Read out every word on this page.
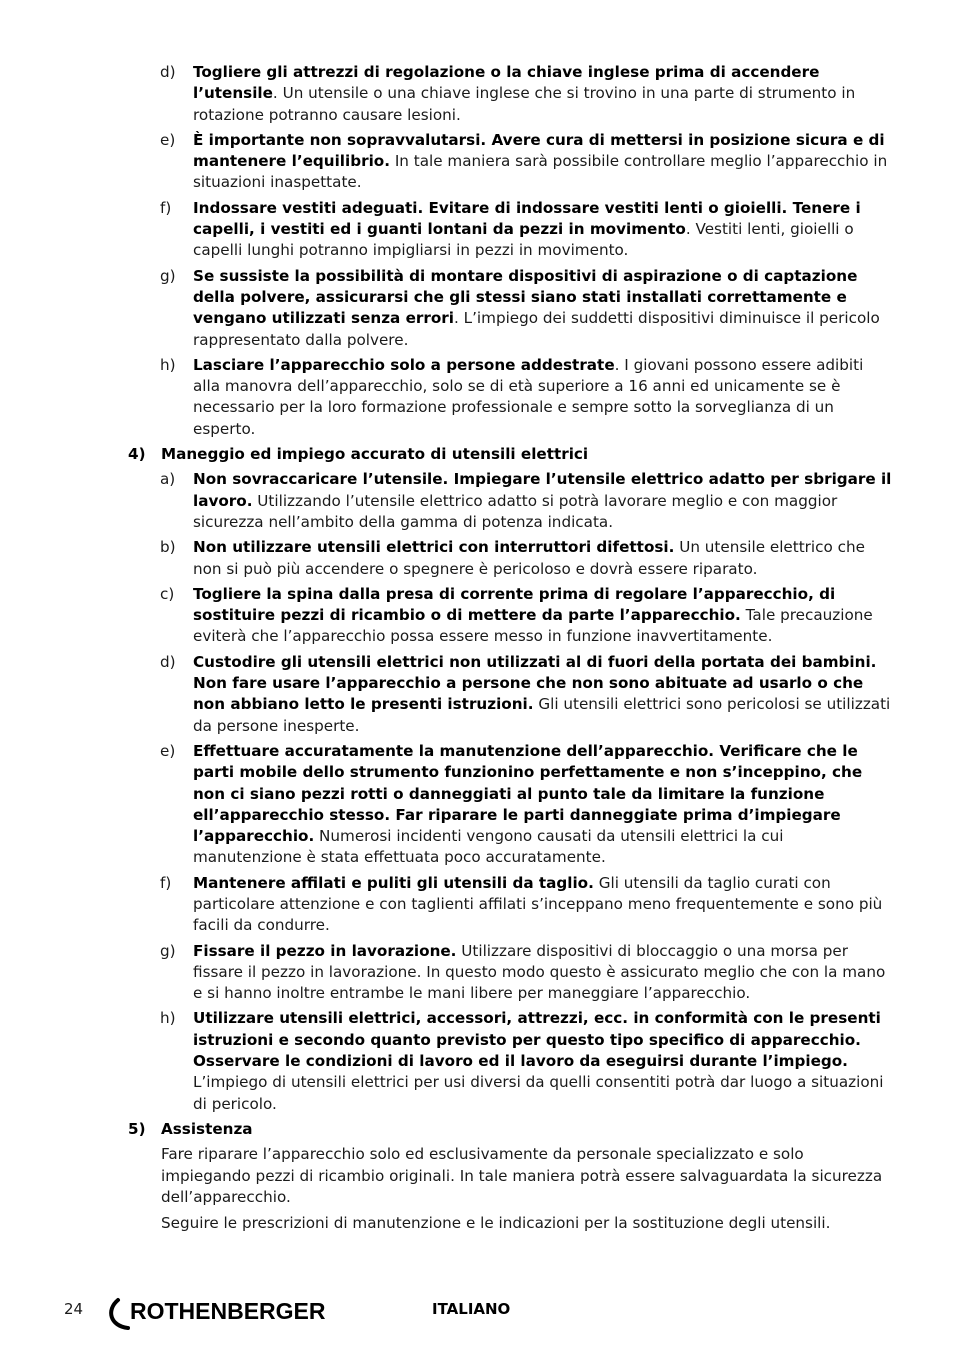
d) Togliere gli attrezzi di regolazione o la chiave inglese prima di accendere l’utensile. Un utensile o una chiave inglese che si trovino in una parte di strumento in rotazione potranno causare lesioni.
e) È importante non sopravvalutarsi. Avere cura di mettersi in posizione sicura e di mantenere l’equilibrio. In tale maniera sarà possibile controllare meglio l’apparecchio in situazioni inaspettate.
f) Indossare vestiti adeguati. Evitare di indossare vestiti lenti o gioielli. Tenere i capelli, i vestiti ed i guanti lontani da pezzi in movimento. Vestiti lenti, gioielli o capelli lunghi potranno impigliarsi in pezzi in movimento.
g) Se sussiste la possibilità di montare dispositivi di aspirazione o di captazione della polvere, assicurarsi che gli stessi siano stati installati correttamente e vengano utilizzati senza errori. L’impiego dei suddetti dispositivi diminuisce il pericolo rappresentato dalla polvere.
h) Lasciare l’apparecchio solo a persone addestrate. I giovani possono essere adibiti alla manovra dell’apparecchio, solo se di età superiore a 16 anni ed unicamente se è necessario per la loro formazione professionale e sempre sotto la sorveglianza di un esperto.
4) Maneggio ed impiego accurato di utensili elettrici
a) Non sovraccaricare l’utensile. Impiegare l’utensile elettrico adatto per sbrigare il lavoro. Utilizzando l’utensile elettrico adatto si potrà lavorare meglio e con maggior sicurezza nell’ambito della gamma di potenza indicata.
b) Non utilizzare utensili elettrici con interruttori difettosi. Un utensile elettrico che non si può più accendere o spegnere è pericoloso e dovrà essere riparato.
c) Togliere la spina dalla presa di corrente prima di regolare l’apparecchio, di sostituire pezzi di ricambio o di mettere da parte l’apparecchio. Tale precauzione eviterà che l’apparecchio possa essere messo in funzione inavvertitamente.
d) Custodire gli utensili elettrici non utilizzati al di fuori della portata dei bambini. Non fare usare l’apparecchio a persone che non sono abituate ad usarlo o che non abbiano letto le presenti istruzioni. Gli utensili elettrici sono pericolosi se utilizzati da persone inesperte.
e) Effettuare accuratamente la manutenzione dell’apparecchio. Verificare che le parti mobile dello strumento funzionino perfettamente e non s’inceppino, che non ci siano pezzi rotti o danneggiati al punto tale da limitare la funzione ell’apparecchio stesso. Far riparare le parti danneggiate prima d’impiegare l’apparecchio. Numerosi incidenti vengono causati da utensili elettrici la cui manutenzione è stata effettuata poco accuratamente.
f) Mantenere affilati e puliti gli utensili da taglio. Gli utensili da taglio curati con particolare attenzione e con taglienti affilati s’inceppano meno frequentemente e sono più facili da condurre.
g) Fissare il pezzo in lavorazione. Utilizzare dispositivi di bloccaggio o una morsa per fissare il pezzo in lavorazione. In questo modo questo è assicurato meglio che con la mano e si hanno inoltre entrambe le mani libere per maneggiare l’apparecchio.
h) Utilizzare utensili elettrici, accessori, attrezzi, ecc. in conformità con le presenti istruzioni e secondo quanto previsto per questo tipo specifico di apparecchio. Osservare le condizioni di lavoro ed il lavoro da eseguirsi durante l’impiego. L’impiego di utensili elettrici per usi diversi da quelli consentiti potrà dar luogo a situazioni di pericolo.
5) Assistenza
Fare riparare l’apparecchio solo ed esclusivamente da personale specializzato e solo impiegando pezzi di ricambio originali. In tale maniera potrà essere salvaguardata la sicurezza dell’apparecchio.
Seguire le prescrizioni di manutenzione e le indicazioni per la sostituzione degli utensili.
24 ROTHENBERGER	ITALIANO
